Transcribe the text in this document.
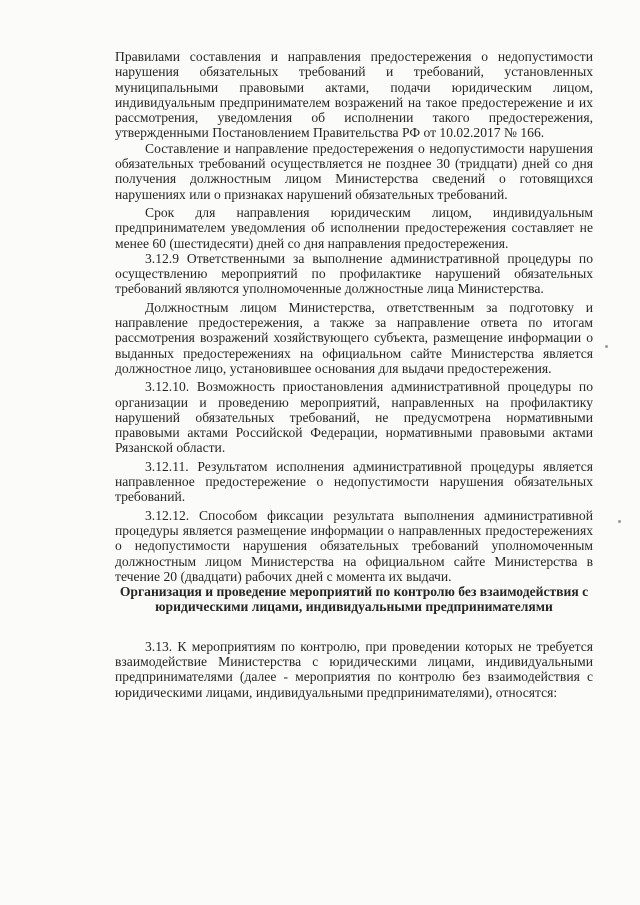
Правилами составления и направления предостережения о недопустимости нарушения обязательных требований и требований, установленных муниципальными правовыми актами, подачи юридическим лицом, индивидуальным предпринимателем возражений на такое предостережение и их рассмотрения, уведомления об исполнении такого предостережения, утвержденными Постановлением Правительства РФ от 10.02.2017 № 166.

Составление и направление предостережения о недопустимости нарушения обязательных требований осуществляется не позднее 30 (тридцати) дней со дня получения должностным лицом Министерства сведений о готовящихся нарушениях или о признаках нарушений обязательных требований.

Срок для направления юридическим лицом, индивидуальным предпринимателем уведомления об исполнении предостережения составляет не менее 60 (шестидесяти) дней со дня направления предостережения.

3.12.9 Ответственными за выполнение административной процедуры по осуществлению мероприятий по профилактике нарушений обязательных требований являются уполномоченные должностные лица Министерства.

Должностным лицом Министерства, ответственным за подготовку и направление предостережения, а также за направление ответа по итогам рассмотрения возражений хозяйствующего субъекта, размещение информации о выданных предостережениях на официальном сайте Министерства является должностное лицо, установившее основания для выдачи предостережения.

3.12.10. Возможность приостановления административной процедуры по организации и проведению мероприятий, направленных на профилактику нарушений обязательных требований, не предусмотрена нормативными правовыми актами Российской Федерации, нормативными правовыми актами Рязанской области.

3.12.11. Результатом исполнения административной процедуры является направленное предостережение о недопустимости нарушения обязательных требований.

3.12.12. Способом фиксации результата выполнения административной процедуры является размещение информации о направленных предостережениях о недопустимости нарушения обязательных требований уполномоченным должностным лицом Министерства на официальном сайте Министерства в течение 20 (двадцати) рабочих дней с момента их выдачи.

Организация и проведение мероприятий по контролю без взаимодействия с юридическими лицами, индивидуальными предпринимателями

3.13. К мероприятиям по контролю, при проведении которых не требуется взаимодействие Министерства с юридическими лицами, индивидуальными предпринимателями (далее - мероприятия по контролю без взаимодействия с юридическими лицами, индивидуальными предпринимателями), относятся:
